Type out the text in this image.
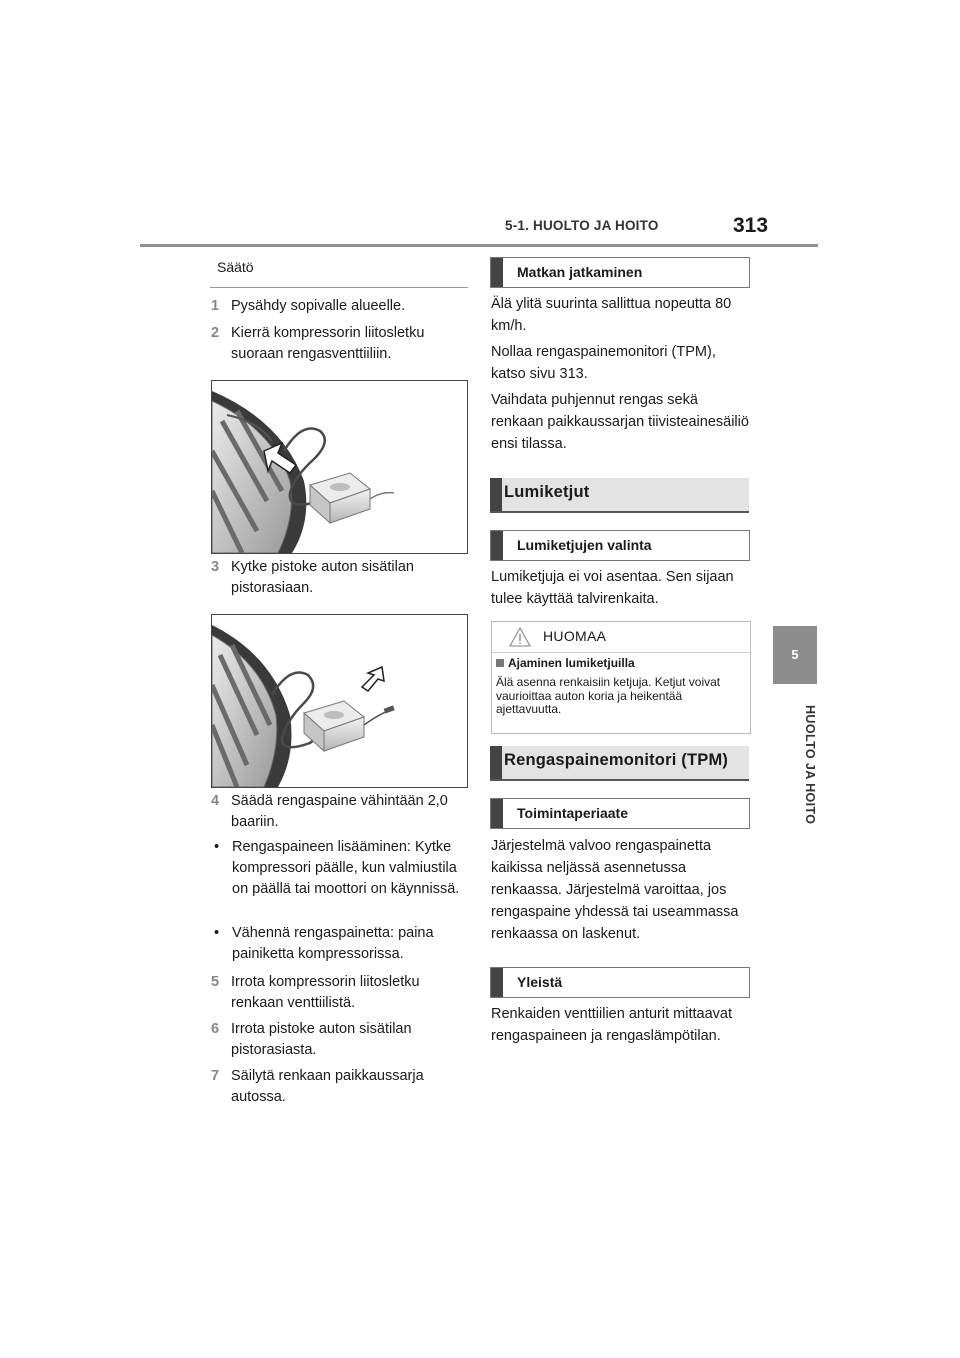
5-1. HUOLTO JA HOITO	313
5
HUOLTO JA HOITO
Säätö
1 Pysähdy sopivalle alueelle.
2 Kierrä kompressorin liitosletku suoraan rengasventtiiliin.
3 Kytke pistoke auton sisätilan pistorasiaan.
4 Säädä rengaspaine vähintään 2,0 baariin.
• Rengaspaineen lisääminen: Kytke kompressori päälle, kun valmiustila on päällä tai moottori on käynnissä.
• Vähennä rengaspainetta: paina painiketta kompressorissa.
5 Irrota kompressorin liitosletku renkaan venttiilistä.
6 Irrota pistoke auton sisätilan pistorasiasta.
7 Säilytä renkaan paikkaussarja autossa.
Matkan jatkaminen
Älä ylitä suurinta sallittua nopeutta 80 km/h.
Nollaa rengaspainemonitori (TPM), katso sivu 313.
Vaihdata puhjennut rengas sekä renkaan paikkaussarjan tiivisteainesäiliö ensi tilassa.
Lumiketjut
Lumiketjujen valinta
Lumiketjuja ei voi asentaa. Sen sijaan tulee käyttää talvirenkaita.
HUOMAA
Ajaminen lumiketjuilla
Älä asenna renkaisiin ketjuja. Ketjut voivat vaurioittaa auton koria ja heikentää ajettavuutta.
Rengaspainemonitori (TPM)
Toimintaperiaate
Järjestelmä valvoo rengaspainetta kaikissa neljässä asennetussa renkaassa. Järjestelmä varoittaa, jos rengaspaine yhdessä tai useammassa renkaassa on laskenut.
Yleistä
Renkaiden venttiilien anturit mittaavat rengaspaineen ja rengaslämpötilan.
